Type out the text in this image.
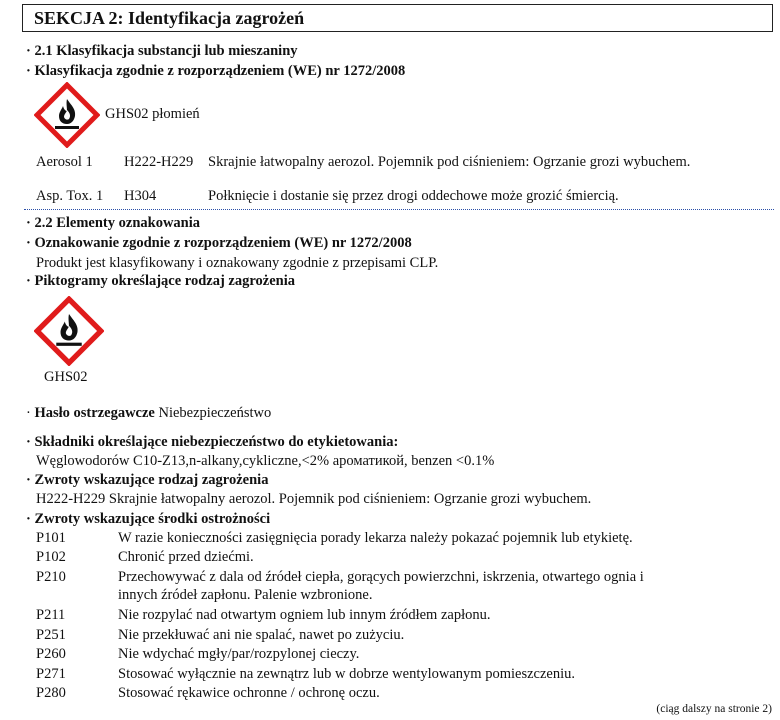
SEKCJA 2: Identyfikacja zagrożeń
· 2.1 Klasyfikacja substancji lub mieszaniny
· Klasyfikacja zgodnie z rozporządzeniem (WE) nr 1272/2008
GHS02 płomień
Aerosol 1 H222-H229 Skrajnie łatwopalny aerozol. Pojemnik pod ciśnieniem: Ogrzanie grozi wybuchem.
Asp. Tox. 1 H304	Połknięcie i dostanie się przez drogi oddechowe może grozić śmiercią.
· 2.2 Elementy oznakowania
· Oznakowanie zgodnie z rozporządzeniem (WE) nr 1272/2008
Produkt jest klasyfikowany i oznakowany zgodnie z przepisami CLP.
· Piktogramy określające rodzaj zagrożenia
GHS02
· Hasło ostrzegawcze Niebezpieczeństwo
· Składniki określające niebezpieczeństwo do etykietowania:
Węglowodorów C10-Z13,n-alkany,cykliczne,<2% ароматикой, benzen <0.1%
· Zwroty wskazujące rodzaj zagrożenia
H222-H229 Skrajnie łatwopalny aerozol. Pojemnik pod ciśnieniem: Ogrzanie grozi wybuchem.
· Zwroty wskazujące środki ostrożności
P101	W razie konieczności zasięgnięcia porady lekarza należy pokazać pojemnik lub etykietę.
P102	Chronić przed dziećmi.
P210	Przechowywać z dala od źródeł ciepła, gorących powierzchni, iskrzenia, otwartego ognia i
innych źródeł zapłonu. Palenie wzbronione.
P211	Nie rozpylać nad otwartym ogniem lub innym źródłem zapłonu.
P251	Nie przekłuwać ani nie spalać, nawet po zużyciu.
P260	Nie wdychać mgły/par/rozpylonej cieczy.
P271	Stosować wyłącznie na zewnątrz lub w dobrze wentylowanym pomieszczeniu.
P280	Stosować rękawice ochronne / ochronę oczu.
(ciąg dalszy na stronie 2)
